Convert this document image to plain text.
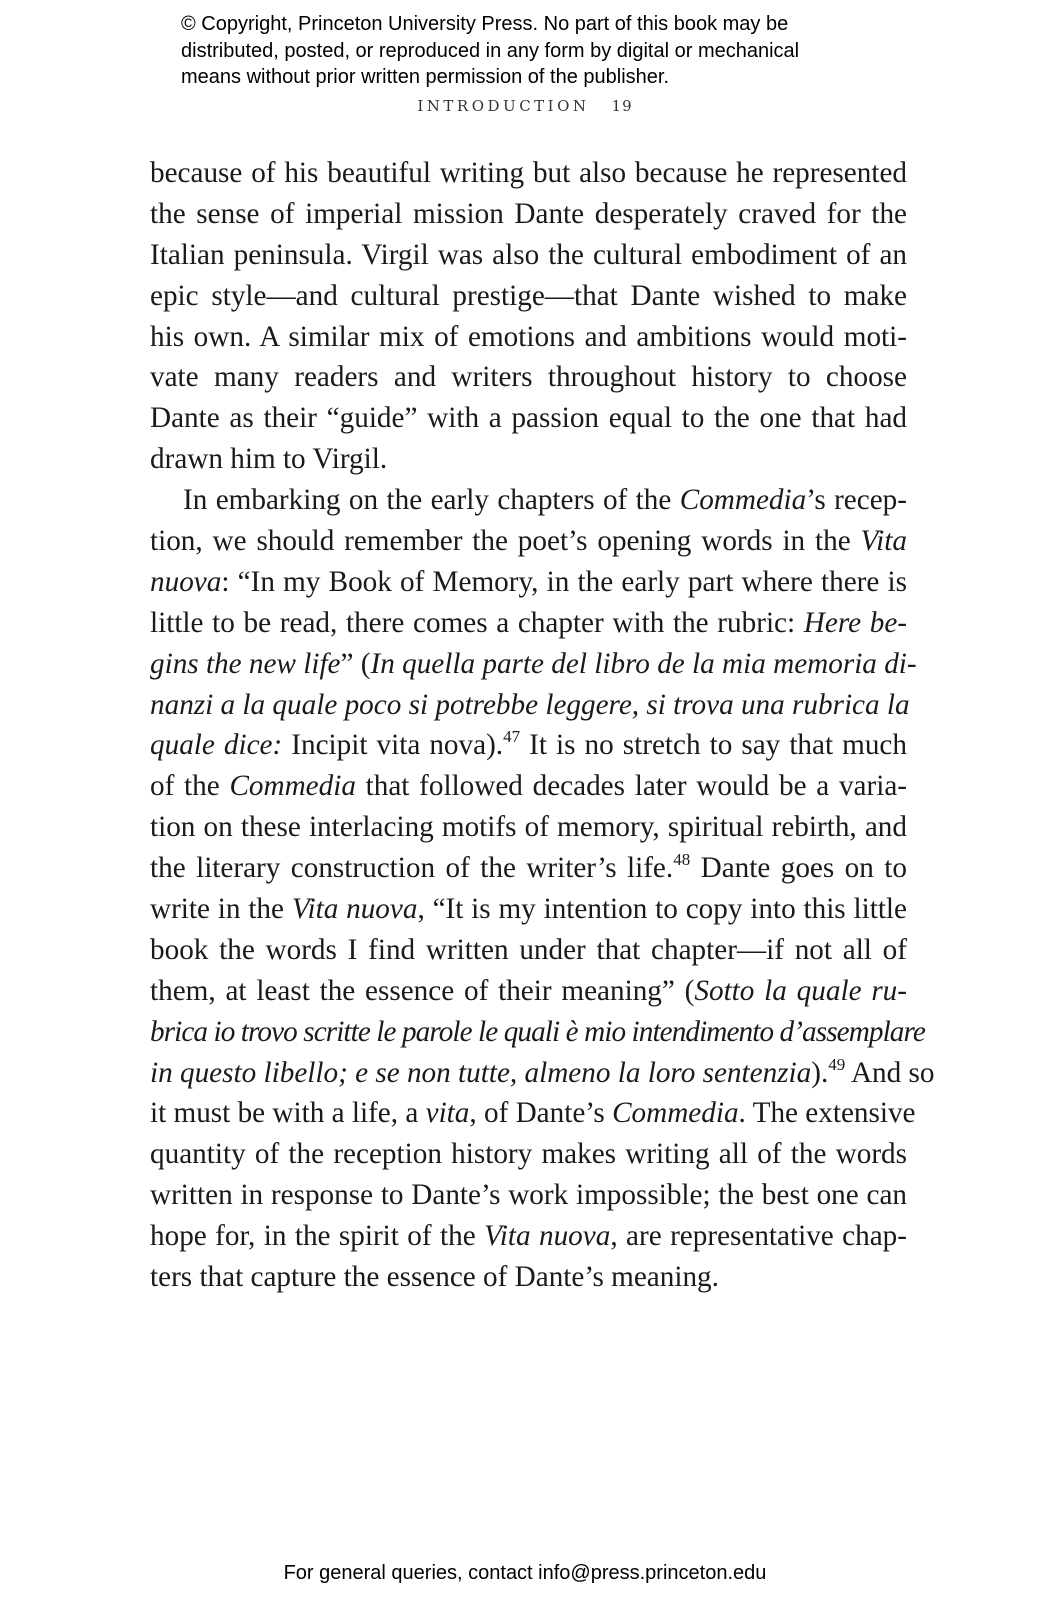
© Copyright, Princeton University Press. No part of this book may be
distributed, posted, or reproduced in any form by digital or mechanical
means without prior written permission of the publisher.
INTRODUCTION 19
because of his beautiful writing but also because he represented
the sense of imperial mission Dante desperately craved for the
Italian peninsula. Virgil was also the cultural embodiment of an
epic style—and cultural prestige—that Dante wished to make
his own. A similar mix of emotions and ambitions would moti-
vate many readers and writers throughout history to choose
Dante as their “guide” with a passion equal to the one that had
drawn him to Virgil.
In embarking on the early chapters of the Commedia’s recep-
tion, we should remember the poet’s opening words in the Vita
nuova: “In my Book of Memory, in the early part where there is
little to be read, there comes a chapter with the rubric: Here be-
gins the new life” (In quella parte del libro de la mia memoria di-
nanzi a la quale poco si potrebbe leggere, si trova una rubrica la
quale dice: Incipit vita nova).$^{47}$ It is no stretch to say that much
of the Commedia that followed decades later would be a varia-
tion on these interlacing motifs of memory, spiritual rebirth, and
the literary construction of the writer’s life.$^{48}$ Dante goes on to
write in the Vita nuova, “It is my intention to copy into this little
book the words I find written under that chapter—if not all of
them, at least the essence of their meaning” (Sotto la quale ru-
brica io trovo scritte le parole le quali è mio intendimento d’assemplare
in questo libello; e se non tutte, almeno la loro sentenzia).$^{49}$ And so
it must be with a life, a vita, of Dante’s Commedia. The extensive
quantity of the reception history makes writing all of the words
written in response to Dante’s work impossible; the best one can
hope for, in the spirit of the Vita nuova, are representative chap-
ters that capture the essence of Dante’s meaning.
For general queries, contact info@press.princeton.edu
